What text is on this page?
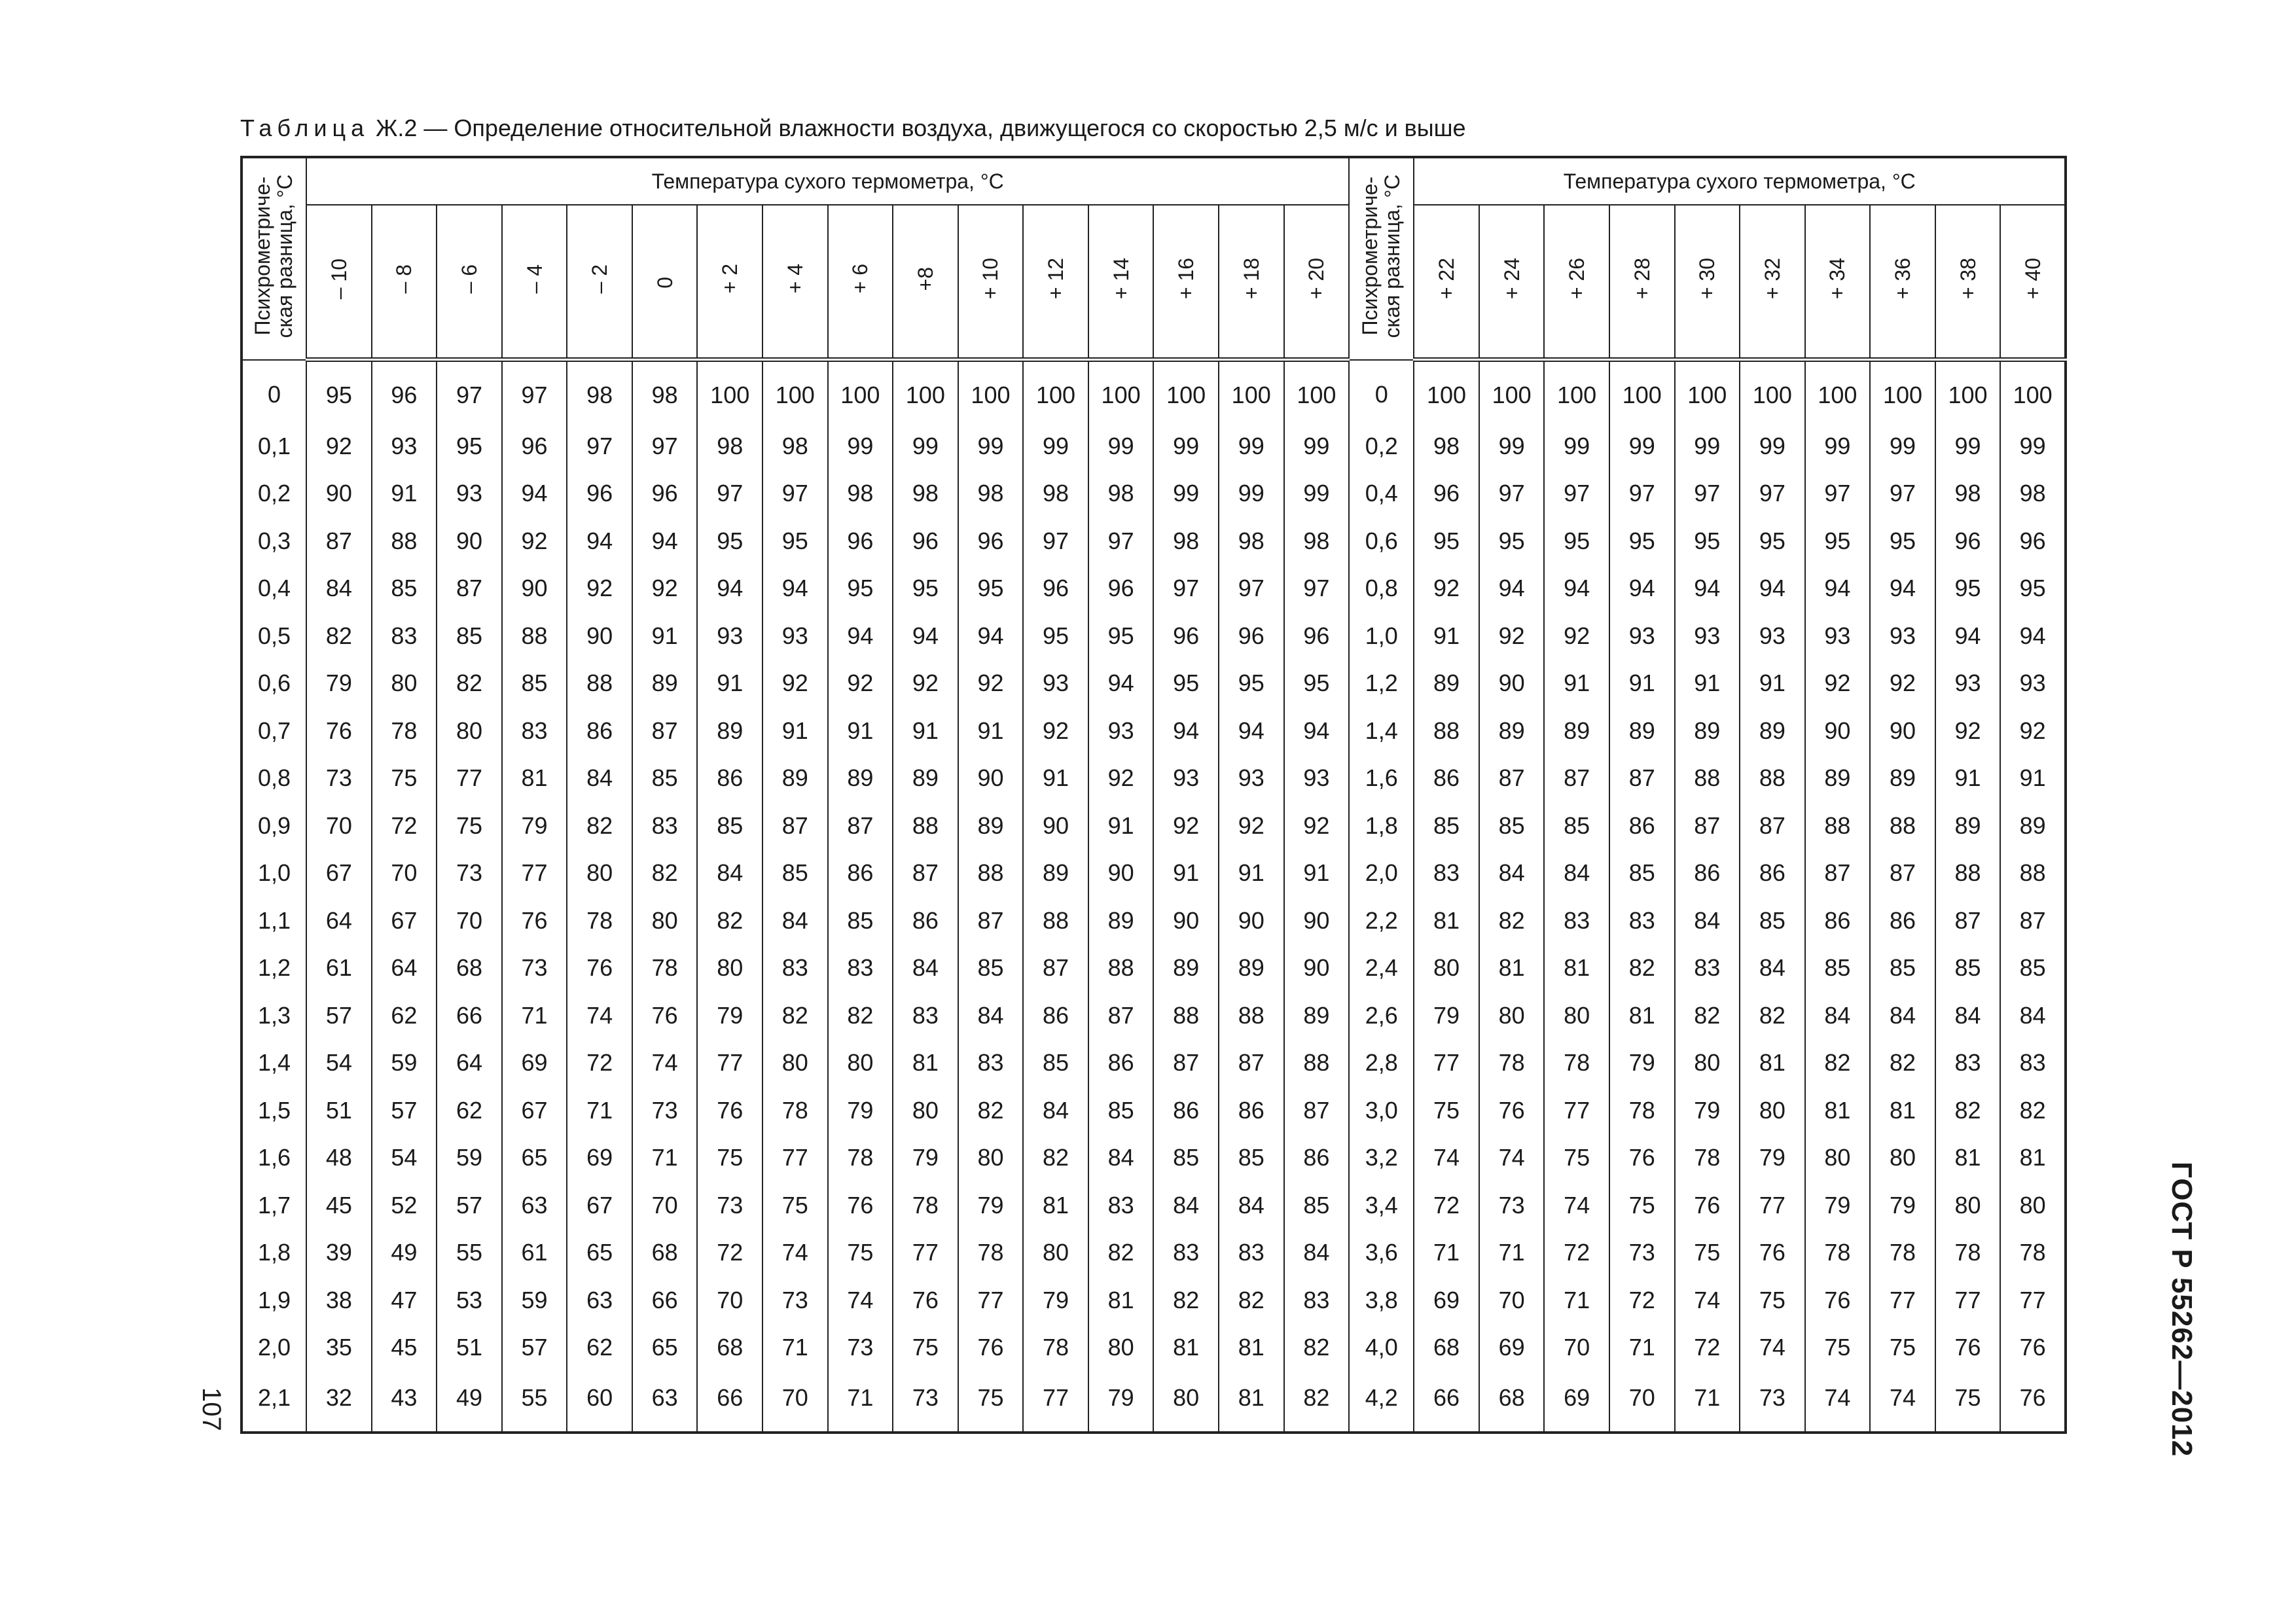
Таблица Ж.2 — Определение относительной влажности воздуха, движущегося со скоростью 2,5 м/с и выше
Психрометриче-ская разница, °С	Температура сухого термометра, °С																Психрометриче-ская разница, °С	Температура сухого термометра, °С									
	– 10	– 8	– 6	– 4	– 2	0	+ 2	+ 4	+ 6	+8	+ 10	+ 12	+ 14	+ 16	+ 18	+ 20		+ 22	+ 24	+ 26	+ 28	+ 30	+ 32	+ 34	+ 36	+ 38	+ 40
0	95	96	97	97	98	98	100	100	100	100	100	100	100	100	100	100	0	100	100	100	100	100	100	100	100	100	100
0,1	92	93	95	96	97	97	98	98	99	99	99	99	99	99	99	99	0,2	98	99	99	99	99	99	99	99	99	99
0,2	90	91	93	94	96	96	97	97	98	98	98	98	98	99	99	99	0,4	96	97	97	97	97	97	97	97	98	98
0,3	87	88	90	92	94	94	95	95	96	96	96	97	97	98	98	98	0,6	95	95	95	95	95	95	95	95	96	96
0,4	84	85	87	90	92	92	94	94	95	95	95	96	96	97	97	97	0,8	92	94	94	94	94	94	94	94	95	95
0,5	82	83	85	88	90	91	93	93	94	94	94	95	95	96	96	96	1,0	91	92	92	93	93	93	93	93	94	94
0,6	79	80	82	85	88	89	91	92	92	92	92	93	94	95	95	95	1,2	89	90	91	91	91	91	92	92	93	93
0,7	76	78	80	83	86	87	89	91	91	91	91	92	93	94	94	94	1,4	88	89	89	89	89	89	90	90	92	92
0,8	73	75	77	81	84	85	86	89	89	89	90	91	92	93	93	93	1,6	86	87	87	87	88	88	89	89	91	91
0,9	70	72	75	79	82	83	85	87	87	88	89	90	91	92	92	92	1,8	85	85	85	86	87	87	88	88	89	89
1,0	67	70	73	77	80	82	84	85	86	87	88	89	90	91	91	91	2,0	83	84	84	85	86	86	87	87	88	88
1,1	64	67	70	76	78	80	82	84	85	86	87	88	89	90	90	90	2,2	81	82	83	83	84	85	86	86	87	87
1,2	61	64	68	73	76	78	80	83	83	84	85	87	88	89	89	90	2,4	80	81	81	82	83	84	85	85	85	85
1,3	57	62	66	71	74	76	79	82	82	83	84	86	87	88	88	89	2,6	79	80	80	81	82	82	84	84	84	84
1,4	54	59	64	69	72	74	77	80	80	81	83	85	86	87	87	88	2,8	77	78	78	79	80	81	82	82	83	83
1,5	51	57	62	67	71	73	76	78	79	80	82	84	85	86	86	87	3,0	75	76	77	78	79	80	81	81	82	82
1,6	48	54	59	65	69	71	75	77	78	79	80	82	84	85	85	86	3,2	74	74	75	76	78	79	80	80	81	81
1,7	45	52	57	63	67	70	73	75	76	78	79	81	83	84	84	85	3,4	72	73	74	75	76	77	79	79	80	80
1,8	39	49	55	61	65	68	72	74	75	77	78	80	82	83	83	84	3,6	71	71	72	73	75	76	78	78	78	78
1,9	38	47	53	59	63	66	70	73	74	76	77	79	81	82	82	83	3,8	69	70	71	72	74	75	76	77	77	77
2,0	35	45	51	57	62	65	68	71	73	75	76	78	80	81	81	82	4,0	68	69	70	71	72	74	75	75	76	76
2,1	32	43	49	55	60	63	66	70	71	73	75	77	79	80	81	82	4,2	66	68	69	70	71	73	74	74	75	76	ГОСТ Р 55262—2012
107
